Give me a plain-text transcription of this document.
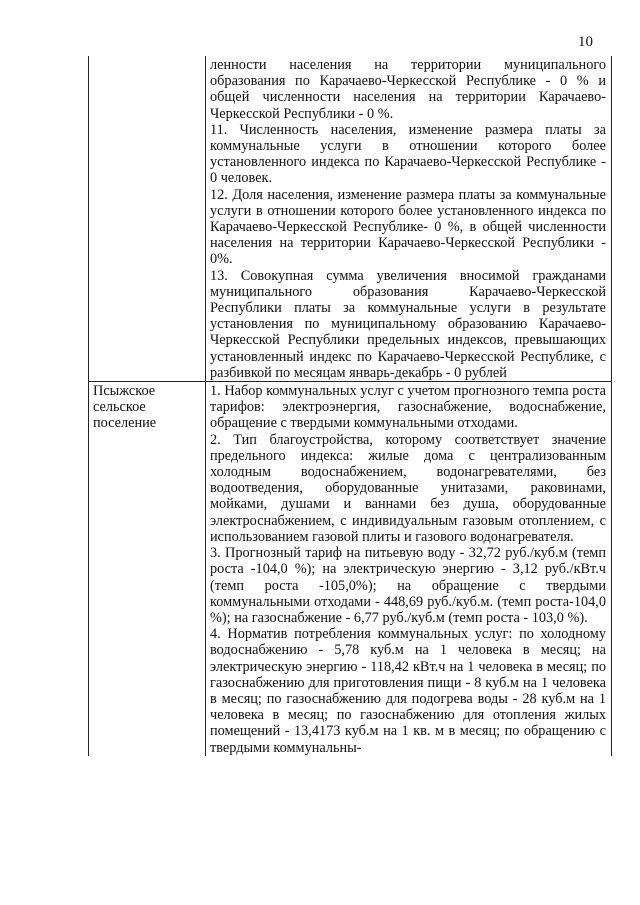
10

	ленности населения на территории муниципального образования по Карачаево-Черкесской Республике - 0 % и общей численности населения на территории Карачаево-Черкесской Республики - 0 %.

11. Численность населения, изменение размера платы за коммунальные услуги в отношении которого более установленного индекса по Карачаево-Черкесской Республике - 0 человек.

12. Доля населения, изменение размера платы за коммунальные услуги в отношении которого более установленного индекса по Карачаево-Черкесской Республике- 0 %, в общей численности населения на территории Карачаево-Черкесской Республики - 0%.

13. Совокупная сумма увеличения вносимой гражданами муниципального образования Карачаево-Черкесской Республики платы за коммунальные услуги в результате установления по муниципальному образованию Карачаево-Черкесской Республики предельных индексов, превышающих установленный индекс по Карачаево-Черкесской Республике, с разбивкой по месяцам январь-декабрь - 0 рублей

Псыжское сельское поселение	1. Набор коммунальных услуг с учетом прогнозного темпа роста тарифов: электроэнергия, газоснабжение, водоснабжение, обращение с твердыми коммунальными отходами.

2. Тип благоустройства, которому соответствует значение предельного индекса: жилые дома с централизованным холодным водоснабжением, водонагревателями, без водоотведения, оборудованные унитазами, раковинами, мойками, душами и ваннами без душа, оборудованные электроснабжением, с индивидуальным газовым отоплением, с использованием газовой плиты и газового водонагревателя.

3. Прогнозный тариф на питьевую воду - 32,72 руб./куб.м (темп роста -104,0 %); на электрическую энергию - 3,12 руб./кВт.ч (темп роста -105,0%); на обращение с твердыми коммунальными отходами - 448,69 руб./куб.м. (темп роста-104,0 %); на газоснабжение - 6,77 руб./куб.м (темп роста - 103,0 %).

4. Норматив потребления коммунальных услуг: по холодному водоснабжению - 5,78 куб.м на 1 человека в месяц; на электрическую энергию - 118,42 кВт.ч на 1 человека в месяц; по газоснабжению для приготовления пищи - 8 куб.м на 1 человека в месяц; по газоснабжению для подогрева воды - 28 куб.м на 1 человека в месяц; по газоснабжению для отопления жилых помещений - 13,4173 куб.м на 1 кв. м в месяц; по обращению с твердыми коммунальны-
